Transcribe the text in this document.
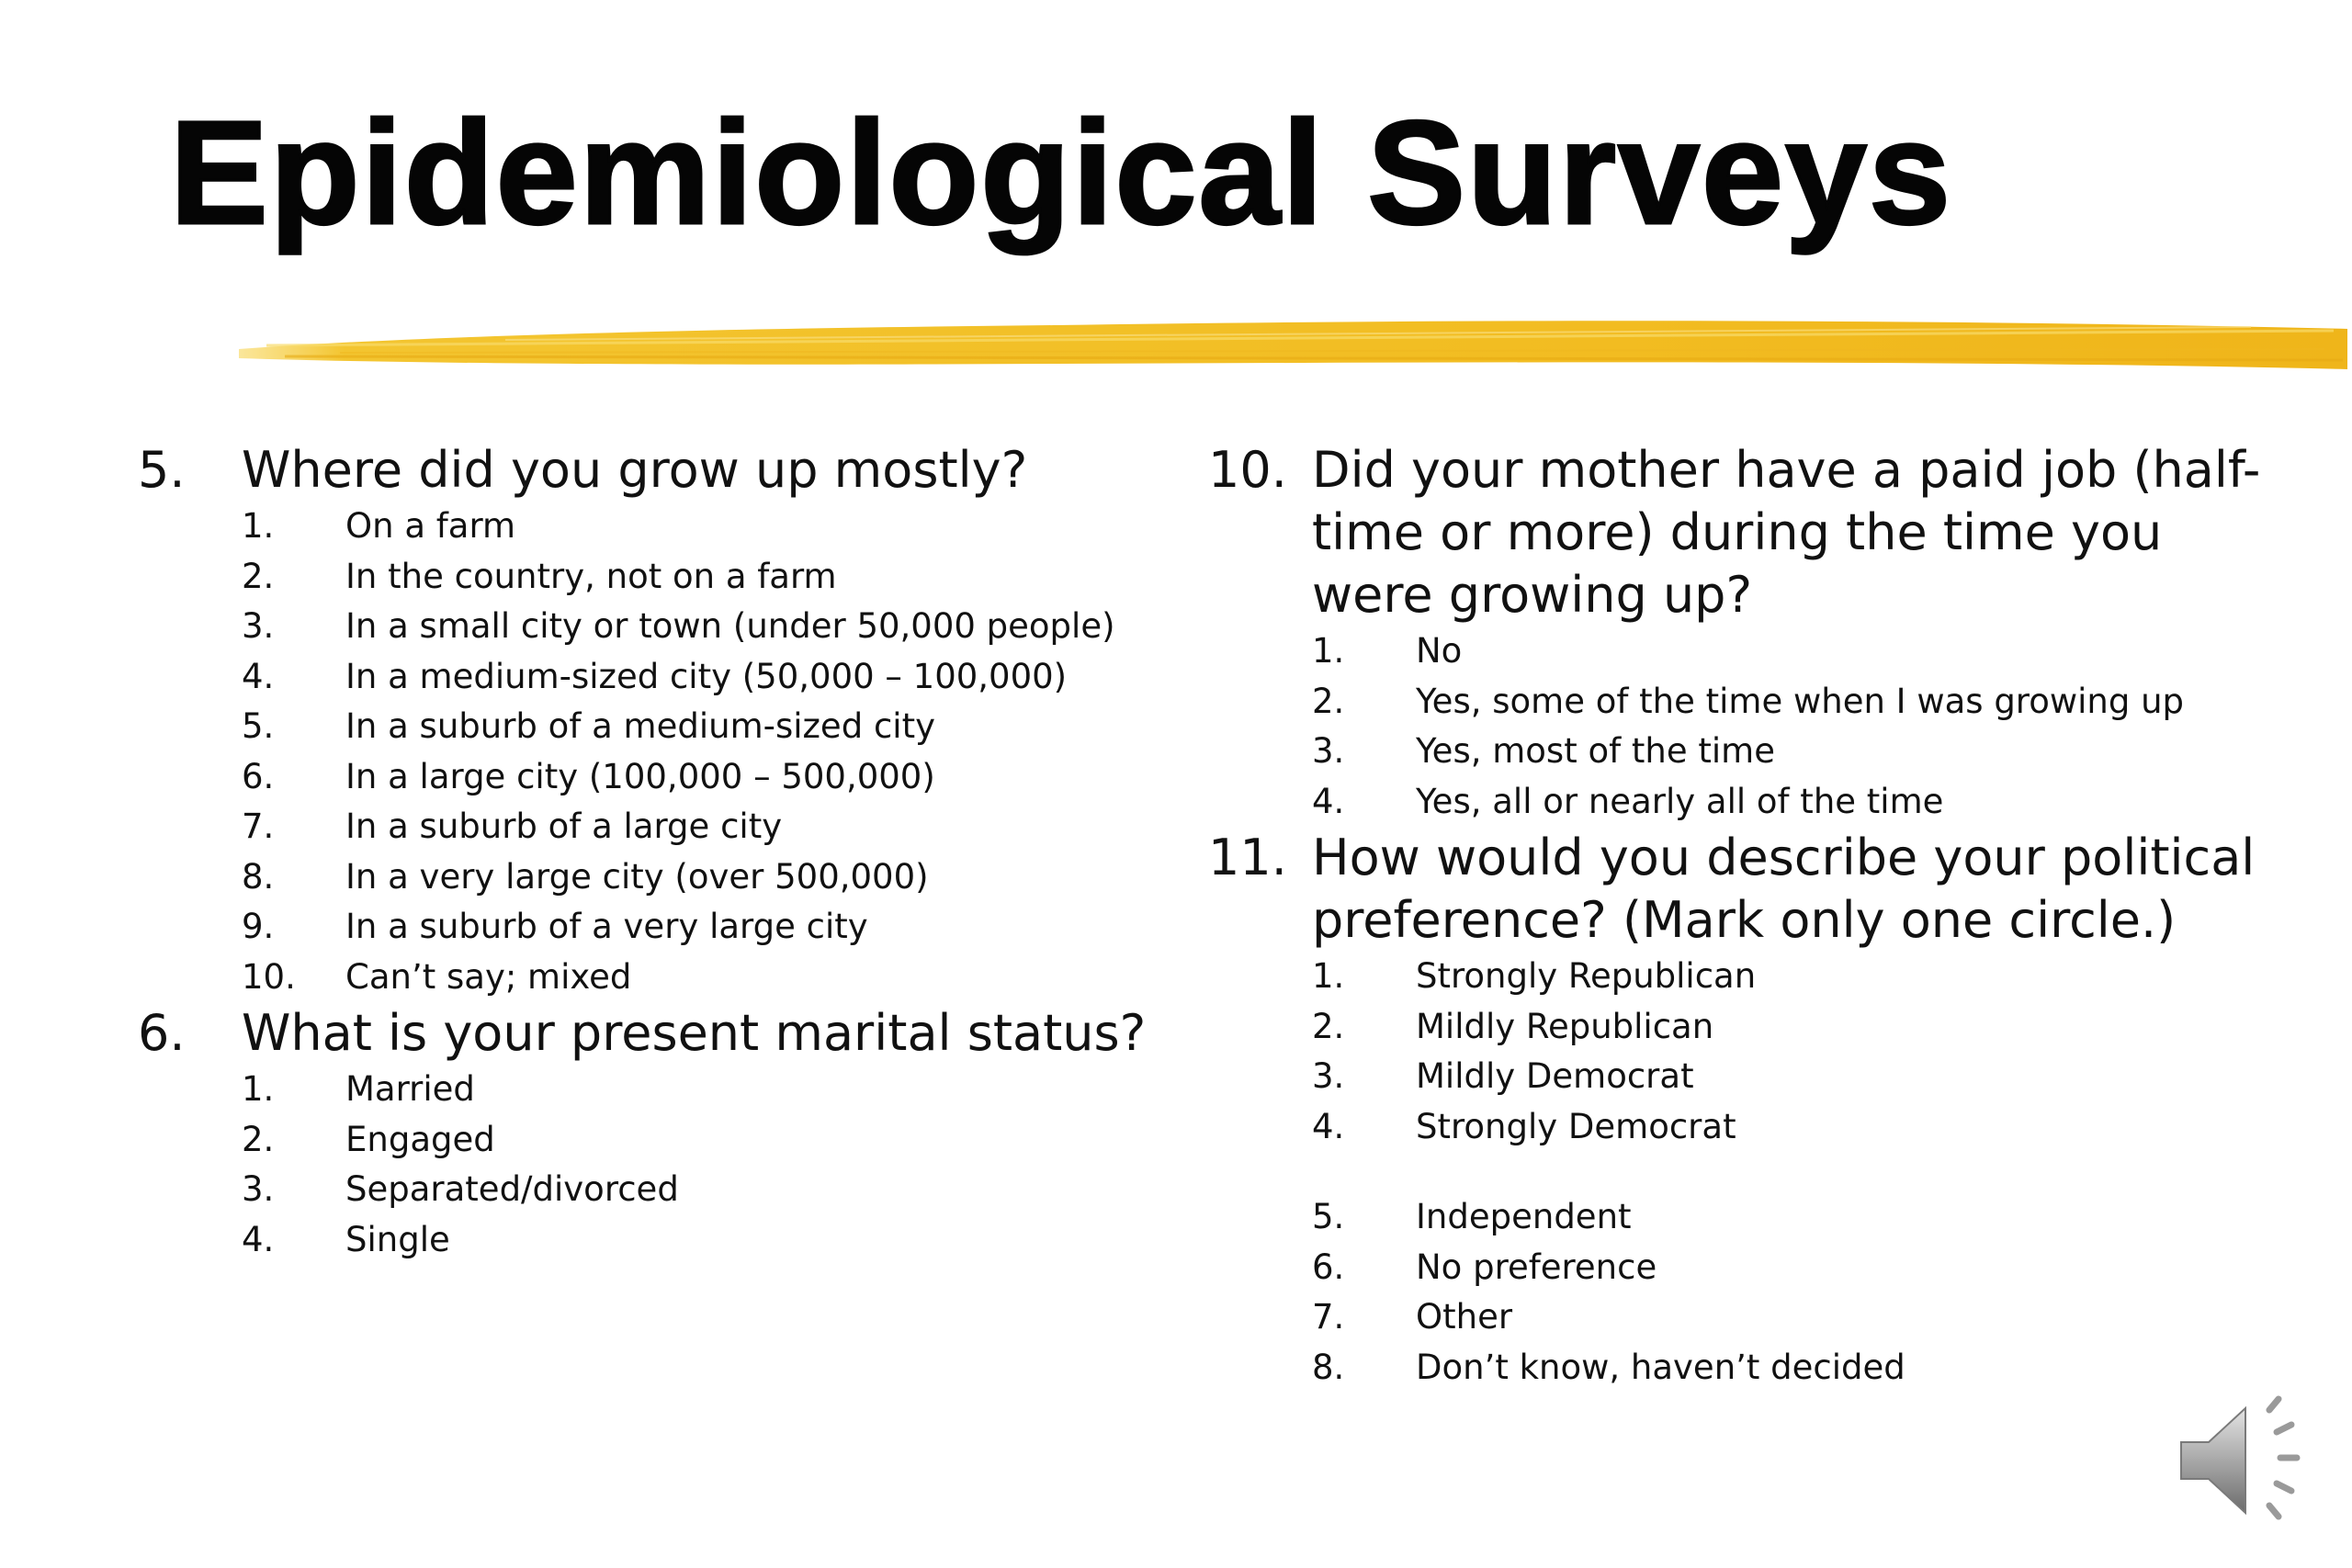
Epidemiological Surveys
5. Where did you grow up mostly?
1. On a farm
2. In the country, not on a farm
3. In a small city or town (under 50,000 people)
4. In a medium-sized city (50,000 – 100,000)
5. In a suburb of a medium-sized city
6. In a large city (100,000 – 500,000)
7. In a suburb of a large city
8. In a very large city (over 500,000)
9. In a suburb of a very large city
10. Can’t say; mixed
6. What is your present marital status?
1. Married
2. Engaged
3. Separated/divorced
4. Single
10. Did your mother have a paid job (half-time or more) during the time you were growing up?
1. No
2. Yes, some of the time when I was growing up
3. Yes, most of the time
4. Yes, all or nearly all of the time
11. How would you describe your political preference? (Mark only one circle.)
1. Strongly Republican
2. Mildly Republican
3. Mildly Democrat
4. Strongly Democrat
5. Independent
6. No preference
7. Other
8. Don’t know, haven’t decided
